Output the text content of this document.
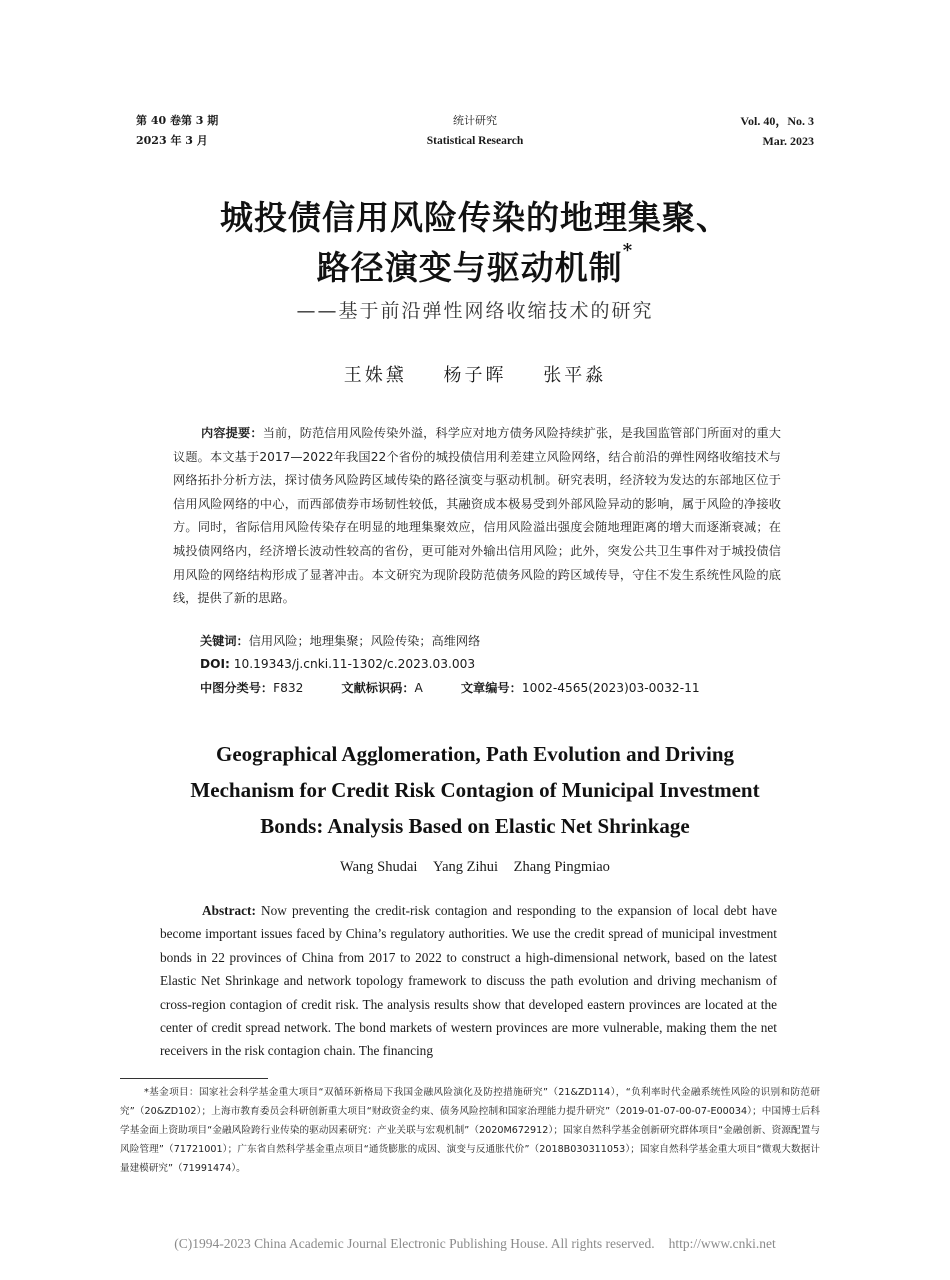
第 40 卷第 3 期
2023 年 3 月
统计研究
Statistical Research
Vol. 40，No. 3
Mar. 2023
城投债信用风险传染的地理集聚、
路径演变与驱动机制*
——基于前沿弹性网络收缩技术的研究
王姝黛 杨子晖 张平淼
内容提要：当前，防范信用风险传染外溢，科学应对地方债务风险持续扩张，是我国监管部门所面对的重大议题。本文基于2017—2022年我国22个省份的城投债信用利差建立风险网络，结合前沿的弹性网络收缩技术与网络拓扑分析方法，探讨债务风险跨区域传染的路径演变与驱动机制。研究表明，经济较为发达的东部地区位于信用风险网络的中心，而西部债券市场韧性较低，其融资成本极易受到外部风险异动的影响，属于风险的净接收方。同时，省际信用风险传染存在明显的地理集聚效应，信用风险溢出强度会随地理距离的增大而逐渐衰减；在城投债网络内，经济增长波动性较高的省份，更可能对外输出信用风险；此外，突发公共卫生事件对于城投债信用风险的网络结构形成了显著冲击。本文研究为现阶段防范债务风险的跨区域传导，守住不发生系统性风险的底线，提供了新的思路。
关键词：信用风险；地理集聚；风险传染；高维网络
DOI: 10.19343/j.cnki.11-1302/c.2023.03.003
中图分类号：F832	文献标识码：A	文章编号：1002-4565(2023)03-0032-11
Geographical Agglomeration, Path Evolution and Driving
Mechanism for Credit Risk Contagion of Municipal Investment
Bonds: Analysis Based on Elastic Net Shrinkage
Wang Shudai Yang Zihui Zhang Pingmiao
Abstract: Now preventing the credit-risk contagion and responding to the expansion of local debt have become important issues faced by China’s regulatory authorities. We use the credit spread of municipal investment bonds in 22 provinces of China from 2017 to 2022 to construct a high-dimensional network, based on the latest Elastic Net Shrinkage and network topology framework to discuss the path evolution and driving mechanism of cross-region contagion of credit risk. The analysis results show that developed eastern provinces are located at the center of credit spread network. The bond markets of western provinces are more vulnerable, making them the net receivers in the risk contagion chain. The financing
*基金项目：国家社会科学基金重大项目“双循环新格局下我国金融风险演化及防控措施研究”（21&ZD114），“负利率时代金融系统性风险的识别和防范研究”（20&ZD102）；上海市教育委员会科研创新重大项目“财政资金约束、债务风险控制和国家治理能力提升研究”（2019-01-07-00-07-E00034）；中国博士后科学基金面上资助项目“金融风险跨行业传染的驱动因素研究：产业关联与宏观机制”（2020M672912）；国家自然科学基金创新研究群体项目“金融创新、资源配置与风险管理”（71721001）；广东省自然科学基金重点项目“通货膨胀的成因、演变与反通胀代价”（2018B030311053）；国家自然科学基金重大项目“微观大数据计量建模研究”（71991474）。
(C)1994-2023 China Academic Journal Electronic Publishing House. All rights reserved. http://www.cnki.net
